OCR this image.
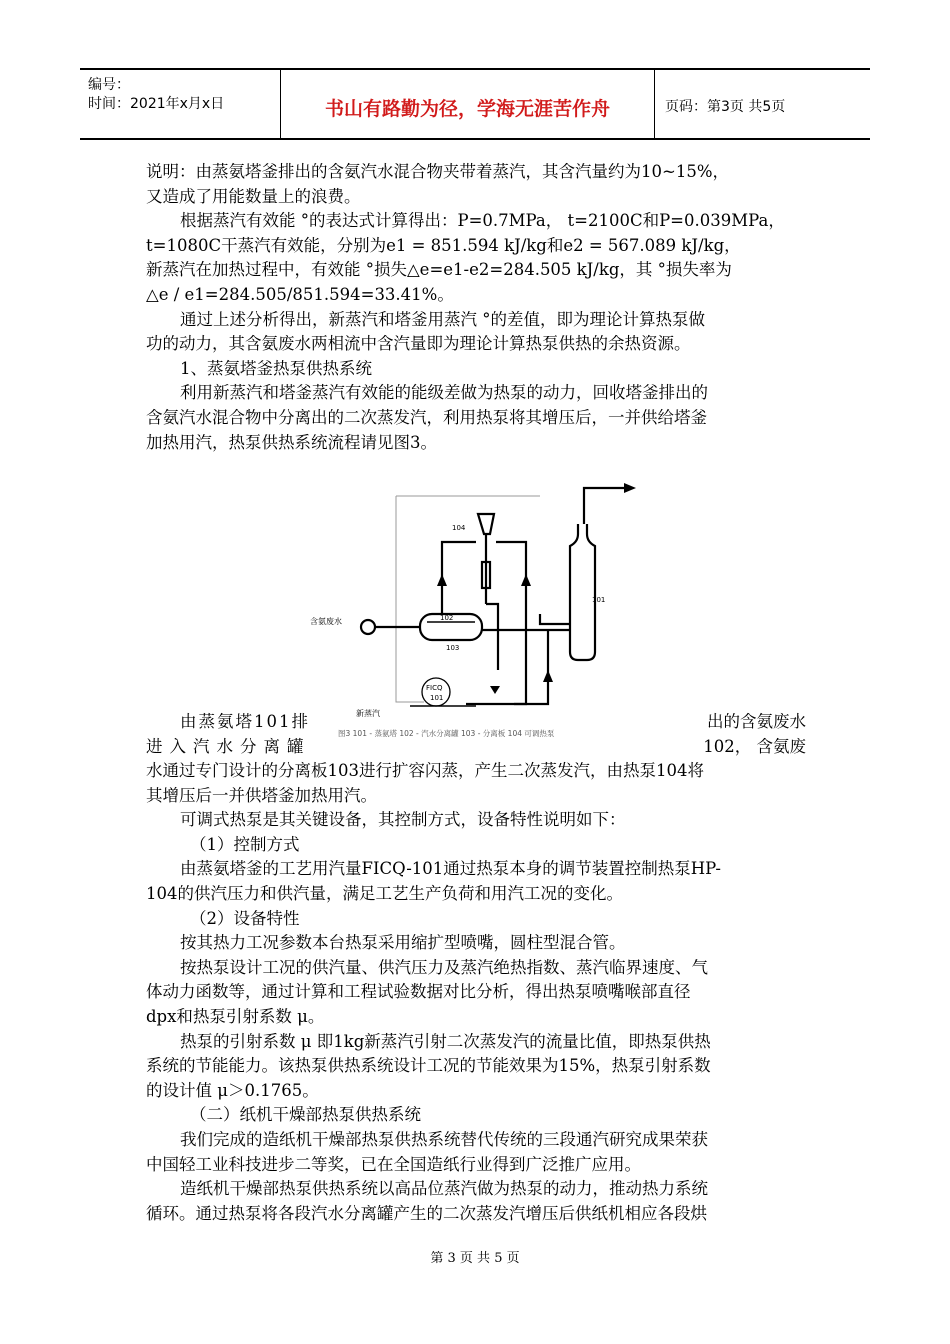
编号：
时间：2021年x月x日	书山有路勤为径，学海无涯苦作舟	页码：第3页 共5页
说明：由蒸氨塔釜排出的含氨汽水混合物夹带着蒸汽，其含汽量约为10~15%，
又造成了用能数量上的浪费。
根据蒸汽有效能 °的表达式计算得出：P=0.7MPa， t=2100C和P=0.039MPa，
t=1080C干蒸汽有效能，分别为e1 = 851.594 kJ/kg和e2 = 567.089 kJ/kg，
新蒸汽在加热过程中，有效能 °损失△e=e1-e2=284.505 kJ/kg，其 °损失率为
△e / e1=284.505/851.594=33.41%。
通过上述分析得出，新蒸汽和塔釜用蒸汽 °的差值，即为理论计算热泵做
功的动力，其含氨废水两相流中含汽量即为理论计算热泵供热的余热资源。
1、蒸氨塔釜热泵供热系统
利用新蒸汽和塔釜蒸汽有效能的能级差做为热泵的动力，回收塔釜排出的
含氨汽水混合物中分离出的二次蒸发汽，利用热泵将其增压后，一并供给塔釜
加热用汽，热泵供热系统流程请见图3。
104
101
102
103
含氨废水
FICQ
101
新蒸汽
图3 101 - 蒸氨塔 102 - 汽水分离罐 103 - 分离板 104 可调热泵
由蒸氨塔101排	出的含氨废水
进入汽水分离罐	102， 含氨废
水通过专门设计的分离板103进行扩容闪蒸，产生二次蒸发汽，由热泵104将
其增压后一并供塔釜加热用汽。
可调式热泵是其关键设备，其控制方式，设备特性说明如下：
（1）控制方式
由蒸氨塔釜的工艺用汽量FICQ-101通过热泵本身的调节装置控制热泵HP-
104的供汽压力和供汽量，满足工艺生产负荷和用汽工况的变化。
（2）设备特性
按其热力工况参数本台热泵采用缩扩型喷嘴，圆柱型混合管。
按热泵设计工况的供汽量、供汽压力及蒸汽绝热指数、蒸汽临界速度、气
体动力函数等，通过计算和工程试验数据对比分析，得出热泵喷嘴喉部直径
dpx和热泵引射系数 μ。
热泵的引射系数 μ 即1kg新蒸汽引射二次蒸发汽的流量比值，即热泵供热
系统的节能能力。该热泵供热系统设计工况的节能效果为15%，热泵引射系数
的设计值 μ＞0.1765。
（二）纸机干燥部热泵供热系统
我们完成的造纸机干燥部热泵供热系统替代传统的三段通汽研究成果荣获
中国轻工业科技进步二等奖，已在全国造纸行业得到广泛推广应用。
造纸机干燥部热泵供热系统以高品位蒸汽做为热泵的动力，推动热力系统
循环。通过热泵将各段汽水分离罐产生的二次蒸发汽增压后供纸机相应各段烘
第 3 页 共 5 页
